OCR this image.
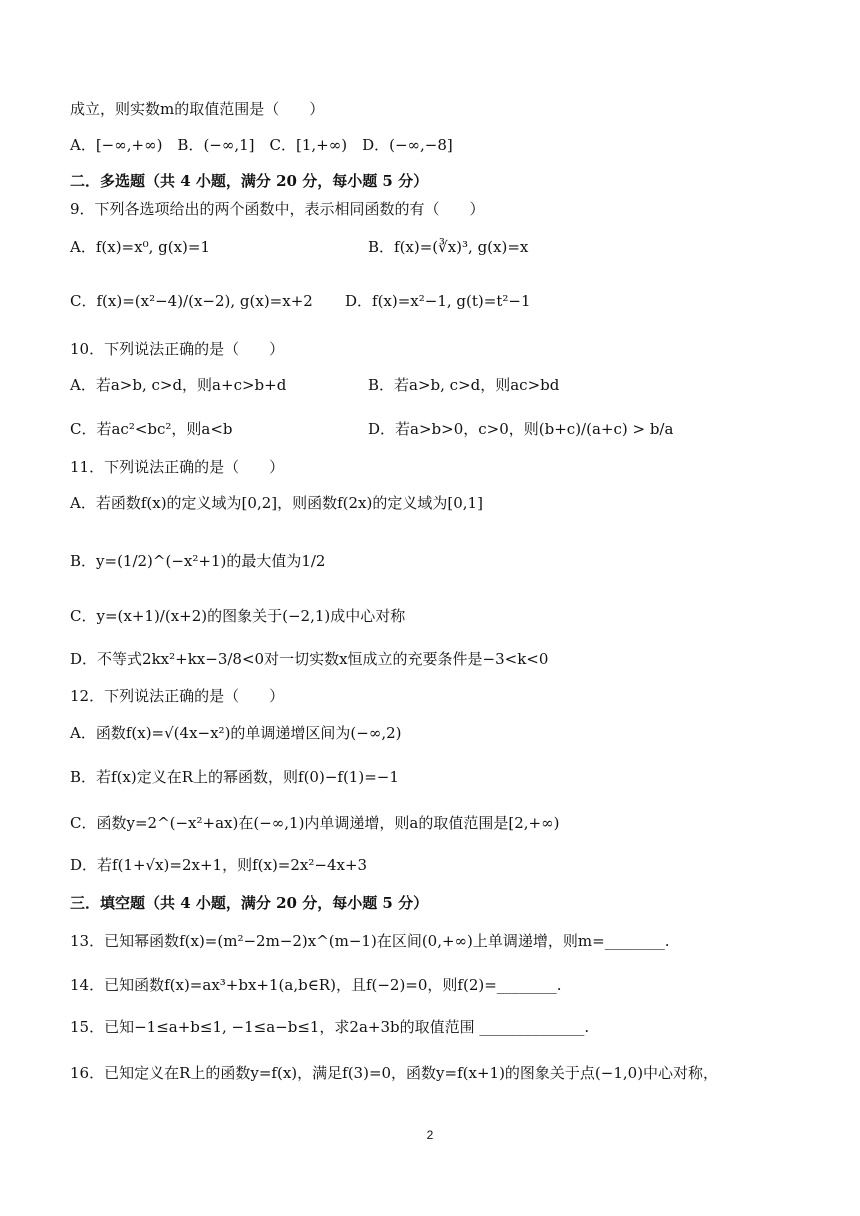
成立，则实数m的取值范围是（　　）
A．[−∞,+∞)　B．(−∞,1]　C．[1,+∞)　D．(−∞,−8]
二．多选题（共 4 小题，满分 20 分，每小题 5 分）
9．下列各选项给出的两个函数中，表示相同函数的有（　　）
A．f(x)=x⁰, g(x)=1	B．f(x)=(∛x)³, g(x)=x
C．f(x)=(x²−4)/(x−2), g(x)=x+2 D．f(x)=x²−1, g(t)=t²−1
10．下列说法正确的是（　　）
A．若a>b, c>d，则a+c>b+d	B．若a>b, c>d，则ac>bd
C．若ac²<bc²，则a<b	D．若a>b>0，c>0，则(b+c)/(a+c) > b/a
11．下列说法正确的是（　　）
A．若函数f(x)的定义域为[0,2]，则函数f(2x)的定义域为[0,1]
B．y=(1/2)^(−x²+1)的最大值为1/2
C．y=(x+1)/(x+2)的图象关于(−2,1)成中心对称
D．不等式2kx²+kx−3/8<0对一切实数x恒成立的充要条件是−3<k<0
12．下列说法正确的是（　　）
A．函数f(x)=√(4x−x²)的单调递增区间为(−∞,2)
B．若f(x)定义在R上的幂函数，则f(0)−f(1)=−1
C．函数y=2^(−x²+ax)在(−∞,1)内单调递增，则a的取值范围是[2,+∞)
D．若f(1+√x)=2x+1，则f(x)=2x²−4x+3
三．填空题（共 4 小题，满分 20 分，每小题 5 分）
13．已知幂函数f(x)=(m²−2m−2)x^(m−1)在区间(0,+∞)上单调递增，则m=________.
14．已知函数f(x)=ax³+bx+1(a,b∈R)，且f(−2)=0，则f(2)=________.
15．已知−1≤a+b≤1, −1≤a−b≤1，求2a+3b的取值范围 ______________.
16．已知定义在R上的函数y=f(x)，满足f(3)=0，函数y=f(x+1)的图象关于点(−1,0)中心对称，
2
